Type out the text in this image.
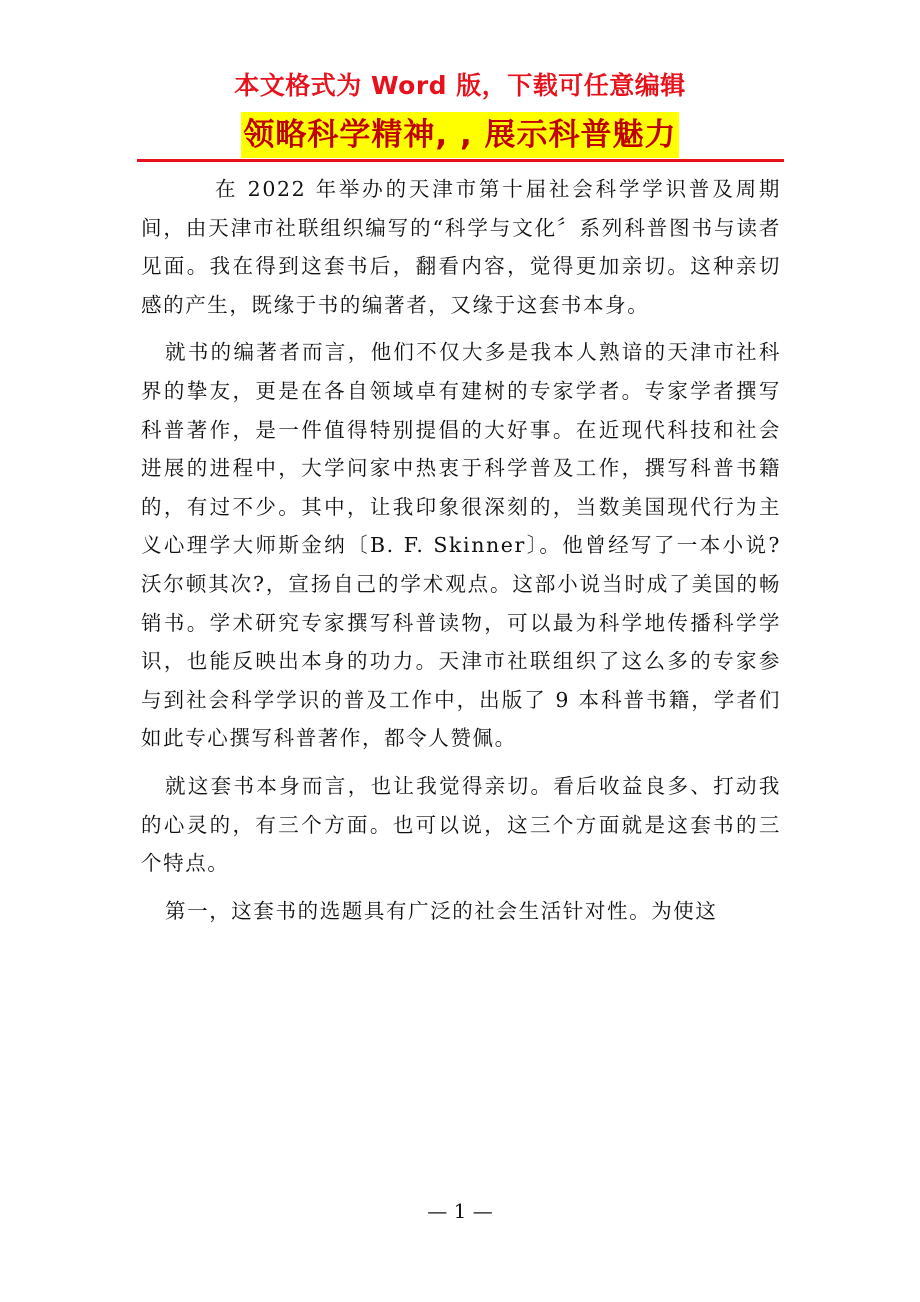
本文格式为 Word 版，下载可任意编辑
领略科学精神, , 展示科普魅力

在 2022 年举办的天津市第十届社会科学学识普及周期间，由天津市社联组织编写的“科学与文化〞系列科普图书与读者见面。我在得到这套书后，翻看内容，觉得更加亲切。这种亲切感的产生，既缘于书的编著者，又缘于这套书本身。

就书的编著者而言，他们不仅大多是我本人熟谙的天津市社科界的挚友，更是在各自领域卓有建树的专家学者。专家学者撰写科普著作，是一件值得特别提倡的大好事。在近现代科技和社会进展的进程中，大学问家中热衷于科学普及工作，撰写科普书籍的，有过不少。其中，让我印象很深刻的，当数美国现代行为主义心理学大师斯金纳〔B. F. Skinner〕。他曾经写了一本小说?沃尔顿其次?，宣扬自己的学术观点。这部小说当时成了美国的畅销书。学术研究专家撰写科普读物，可以最为科学地传播科学学识，也能反映出本身的功力。天津市社联组织了这么多的专家参与到社会科学学识的普及工作中，出版了 9 本科普书籍，学者们如此专心撰写科普著作，都令人赞佩。

就这套书本身而言，也让我觉得亲切。看后收益良多、打动我的心灵的，有三个方面。也可以说，这三个方面就是这套书的三个特点。

第一，这套书的选题具有广泛的社会生活针对性。为使这

— 1 —
